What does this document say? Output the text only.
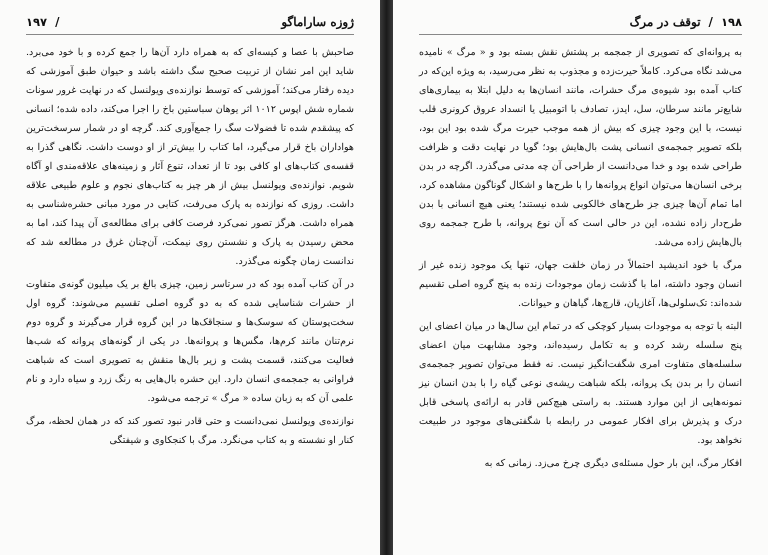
ژوزه ساراماگو
/
۱۹۷

صاحبش با عصا و کیسه‌ای که به همراه دارد آن‌ها را جمع کرده و با خود می‌برد. شاید این امر نشان از تربیت صحیح سگ داشته باشد و حیوان طبق آموزشی که دیده رفتار می‌کند؛ آموزشی که توسط نوازنده‌ی ویولنسل که در نهایت غرور سونات شماره شش اپوس ۱۰۱۲ اثر یوهان سباستین باخ را اجرا می‌کند، داده شده؛ انسانی که پیشقدم شده تا فضولات سگ را جمع‌آوری کند. گرچه او در شمار سرسخت‌ترین هواداران باخ قرار می‌گیرد، اما کتاب را بیش‌تر از او دوست داشت. نگاهی گذرا به قفسه‌ی کتاب‌های او کافی بود تا از تعداد، تنوع آثار و زمینه‌های علاقه‌مندی او آگاه شویم. نوازنده‌ی ویولنسل بیش از هر چیز به کتاب‌های نجوم و علوم طبیعی علاقه داشت. روزی که نوازنده به پارک می‌رفت، کتابی در مورد مبانی حشره‌شناسی به همراه داشت. هرگز تصور نمی‌کرد فرصت کافی برای مطالعه‌ی آن پیدا کند، اما به محض رسیدن به پارک و نشستن روی نیمکت، آن‌چنان غرق در مطالعه شد که ندانست زمان چگونه می‌گذرد.

در آن کتاب آمده بود که در سرتاسر زمین، چیزی بالغ بر یک میلیون گونه‌ی متفاوت از حشرات شناسایی شده که به دو گروه اصلی تقسیم می‌شوند: گروه اول سخت‌پوستان که سوسک‌ها و سنجاقک‌ها در این گروه قرار می‌گیرند و گروه دوم نرم‌تنان مانند کرم‌ها، مگس‌ها و پروانه‌ها. در یکی از گونه‌های پروانه که شب‌ها فعالیت می‌کنند، قسمت پشت و زیر بال‌ها منقش به تصویری است که شباهت فراوانی به جمجمه‌ی انسان دارد. این حشره بال‌هایی به رنگ زرد و سیاه دارد و نام علمی آن که به زبان ساده « مرگ » ترجمه می‌شود.

نوازنده‌ی ویولنسل نمی‌دانست و حتی قادر نبود تصور کند که در همان لحظه، مرگ کنار او نشسته و به کتاب می‌نگرد. مرگ با کنجکاوی و شیفتگی

۱۹۸
/
توقف در مرگ

به پروانه‌ای که تصویری از جمجمه بر پشتش نقش بسته بود و « مرگ » نامیده می‌شد نگاه می‌کرد. کاملاً حیرت‌زده و مجذوب به نظر می‌رسید، به ویژه این‌که در کتاب آمده بود شیوه‌ی مرگ حشرات، مانند انسان‌ها به دلیل ابتلا به بیماری‌های شایع‌تر مانند سرطان، سل، ایدز، تصادف با اتومبیل یا انسداد عروق کرونری قلب نیست، با این وجود چیزی که بیش از همه موجب حیرت مرگ شده بود این بود، بلکه تصویر جمجمه‌ی انسانی پشت بال‌هایش بود؛ گویا در نهایت دقت و ظرافت طراحی شده بود و خدا می‌دانست از طراحی آن چه مدتی می‌گذرد. اگرچه در بدن برخی انسان‌ها می‌توان انواع پروانه‌ها را با طرح‌ها و اشکال گوناگون مشاهده کرد، اما تمام آن‌ها چیزی جز طرح‌های خالکوبی شده نیستند؛ یعنی هیچ انسانی با بدن طرح‌دار زاده نشده، این در حالی است که آن نوع پروانه، با طرح جمجمه روی بال‌هایش زاده می‌شد.

مرگ با خود اندیشید احتمالاً در زمان خلقت جهان، تنها یک موجود زنده غیر از انسان وجود داشته، اما با گذشت زمان موجودات زنده به پنج گروه اصلی تقسیم شده‌اند: تک‌سلولی‌ها، آغازیان، قارچ‌ها، گیاهان و حیوانات.

البته با توجه به موجودات بسیار کوچکی که در تمام این سال‌ها در میان اعضای این پنج سلسله رشد کرده و به تکامل رسیده‌اند، وجود مشابهت میان اعضای سلسله‌های متفاوت امری شگفت‌انگیز نیست. نه فقط می‌توان تصویر جمجمه‌ی انسان را بر بدن یک پروانه، بلکه شباهت ریشه‌ی نوعی گیاه را با بدن انسان نیز نمونه‌هایی از این موارد هستند. به راستی هیچ‌کس قادر به ارائه‌ی پاسخی قابل درک و پذیرش برای افکار عمومی در رابطه با شگفتی‌های موجود در طبیعت نخواهد بود.

افکار مرگ، این بار حول مسئله‌ی دیگری چرخ می‌زد. زمانی که به
